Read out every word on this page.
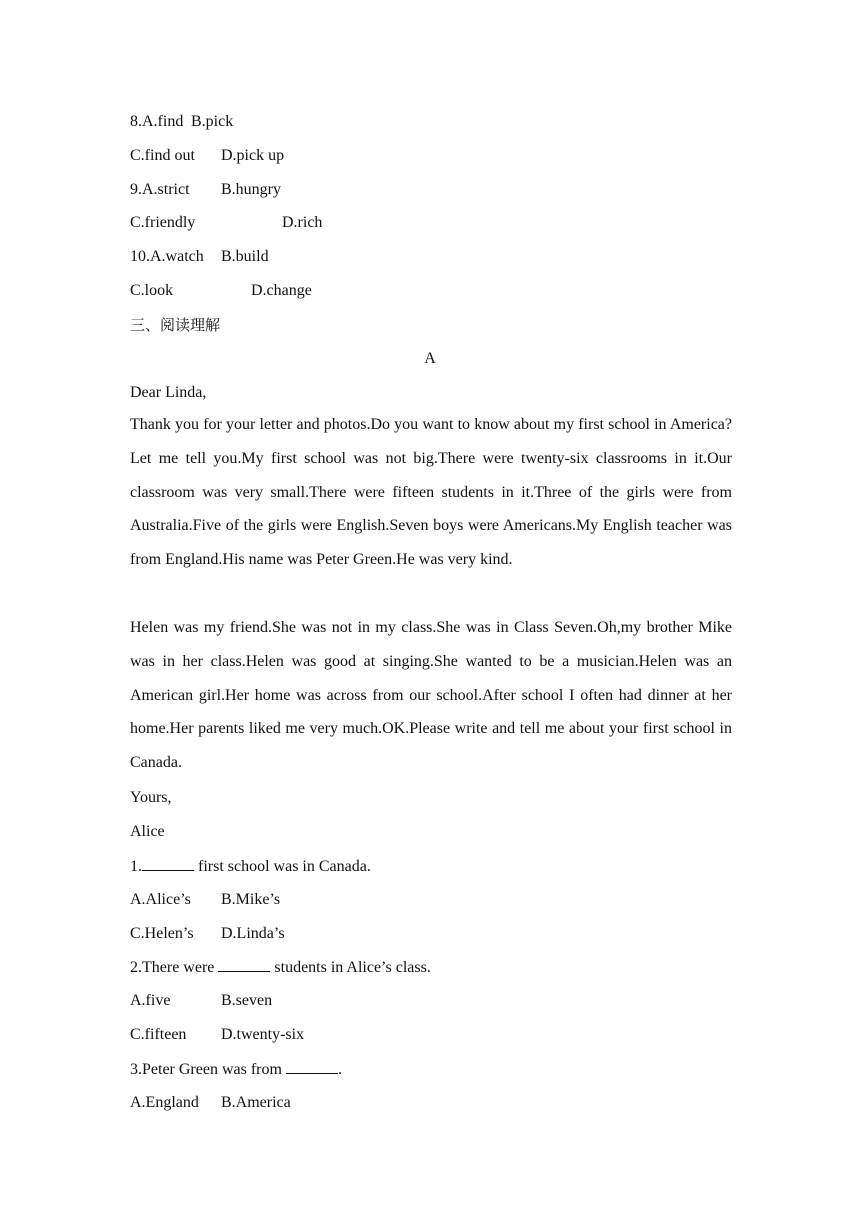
8.A.find B.pick
C.find out D.pick up
9.A.strict B.hungry
C.friendly	D.rich
10.A.watch B.build
C.look	D.change
三、阅读理解
A
Dear Linda,
Thank you for your letter and photos.Do you want to know about my first school in America? Let me tell you.My first school was not big.There were twenty-six classrooms in it.Our classroom was very small.There were fifteen students in it.Three of the girls were from Australia.Five of the girls were English.Seven boys were Americans.My English teacher was from England.His name was Peter Green.He was very kind.
Helen was my friend.She was not in my class.She was in Class Seven.Oh,my brother Mike was in her class.Helen was good at singing.She wanted to be a musician.Helen was an American girl.Her home was across from our school.After school I often had dinner at her home.Her parents liked me very much.OK.Please write and tell me about your first school in Canada.
Yours,
Alice
1.	first school was in Canada.
A.Alice’s B.Mike’s
C.Helen’s D.Linda’s
2.There were	students in Alice’s class.
A.five	B.seven
C.fifteen D.twenty-six
3.Peter Green was from	.
A.England B.America
